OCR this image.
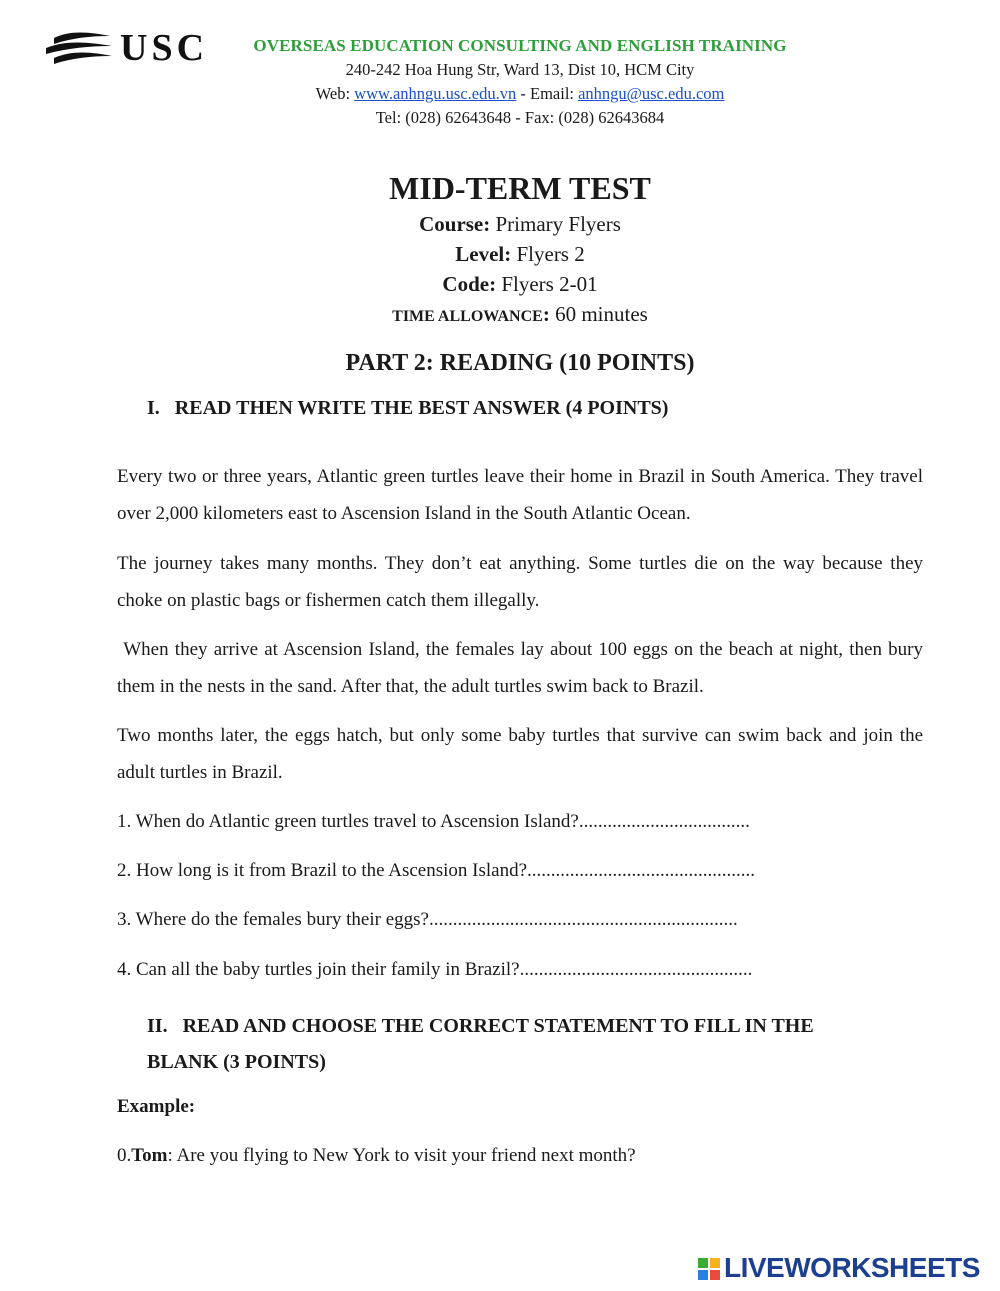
USC	OVERSEAS EDUCATION CONSULTING AND ENGLISH TRAINING
240-242 Hoa Hung Str, Ward 13, Dist 10, HCM City
Web: www.anhngu.usc.edu.vn - Email: anhngu@usc.edu.com
Tel: (028) 62643648 - Fax: (028) 62643684
MID-TERM TEST
Course: Primary Flyers
Level: Flyers 2
Code: Flyers 2-01
TIME ALLOWANCE: 60 minutes
PART 2: READING (10 POINTS)
I. READ THEN WRITE THE BEST ANSWER (4 POINTS)
Every two or three years, Atlantic green turtles leave their home in Brazil in South America. They travel over 2,000 kilometers east to Ascension Island in the South Atlantic Ocean.
The journey takes many months. They don’t eat anything. Some turtles die on the way because they choke on plastic bags or fishermen catch them illegally.
When they arrive at Ascension Island, the females lay about 100 eggs on the beach at night, then bury them in the nests in the sand. After that, the adult turtles swim back to Brazil.
Two months later, the eggs hatch, but only some baby turtles that survive can swim back and join the adult turtles in Brazil.
1. When do Atlantic green turtles travel to Ascension Island?....................................
2. How long is it from Brazil to the Ascension Island?................................................
3. Where do the females bury their eggs?.................................................................
4. Can all the baby turtles join their family in Brazil?.................................................
II. READ AND CHOOSE THE CORRECT STATEMENT TO FILL IN THE
BLANK (3 POINTS)
Example:
0.Tom: Are you flying to New York to visit your friend next month?
LIVEWORKSHEETS
